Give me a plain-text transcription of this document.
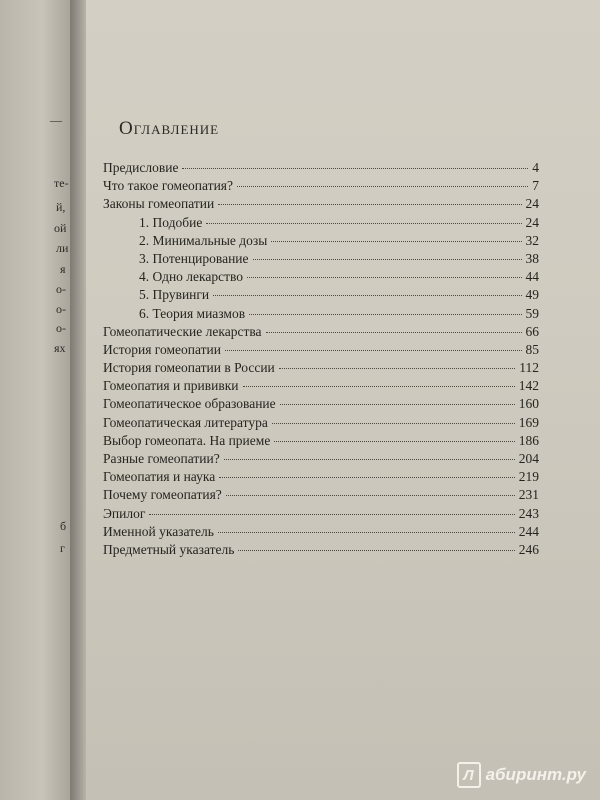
—
те-
й,
ой
ли
я
о-
о-
о-
ях
б
г
Оглавление
Предисловие	4
Что такое гомеопатия?	7
Законы гомеопатии	24
1. Подобие	24
2. Минимальные дозы	32
3. Потенцирование	38
4. Одно лекарство	44
5. Прувинги	49
6. Теория миазмов	59
Гомеопатические лекарства	66
История гомеопатии	85
История гомеопатии в России	112
Гомеопатия и прививки	142
Гомеопатическое образование	160
Гомеопатическая литература	169
Выбор гомеопата. На приеме	186
Разные гомеопатии?	204
Гомеопатия и наука	219
Почему гомеопатия?	231
Эпилог	243
Именной указатель	244
Предметный указатель	246
Л абиринт.ру
